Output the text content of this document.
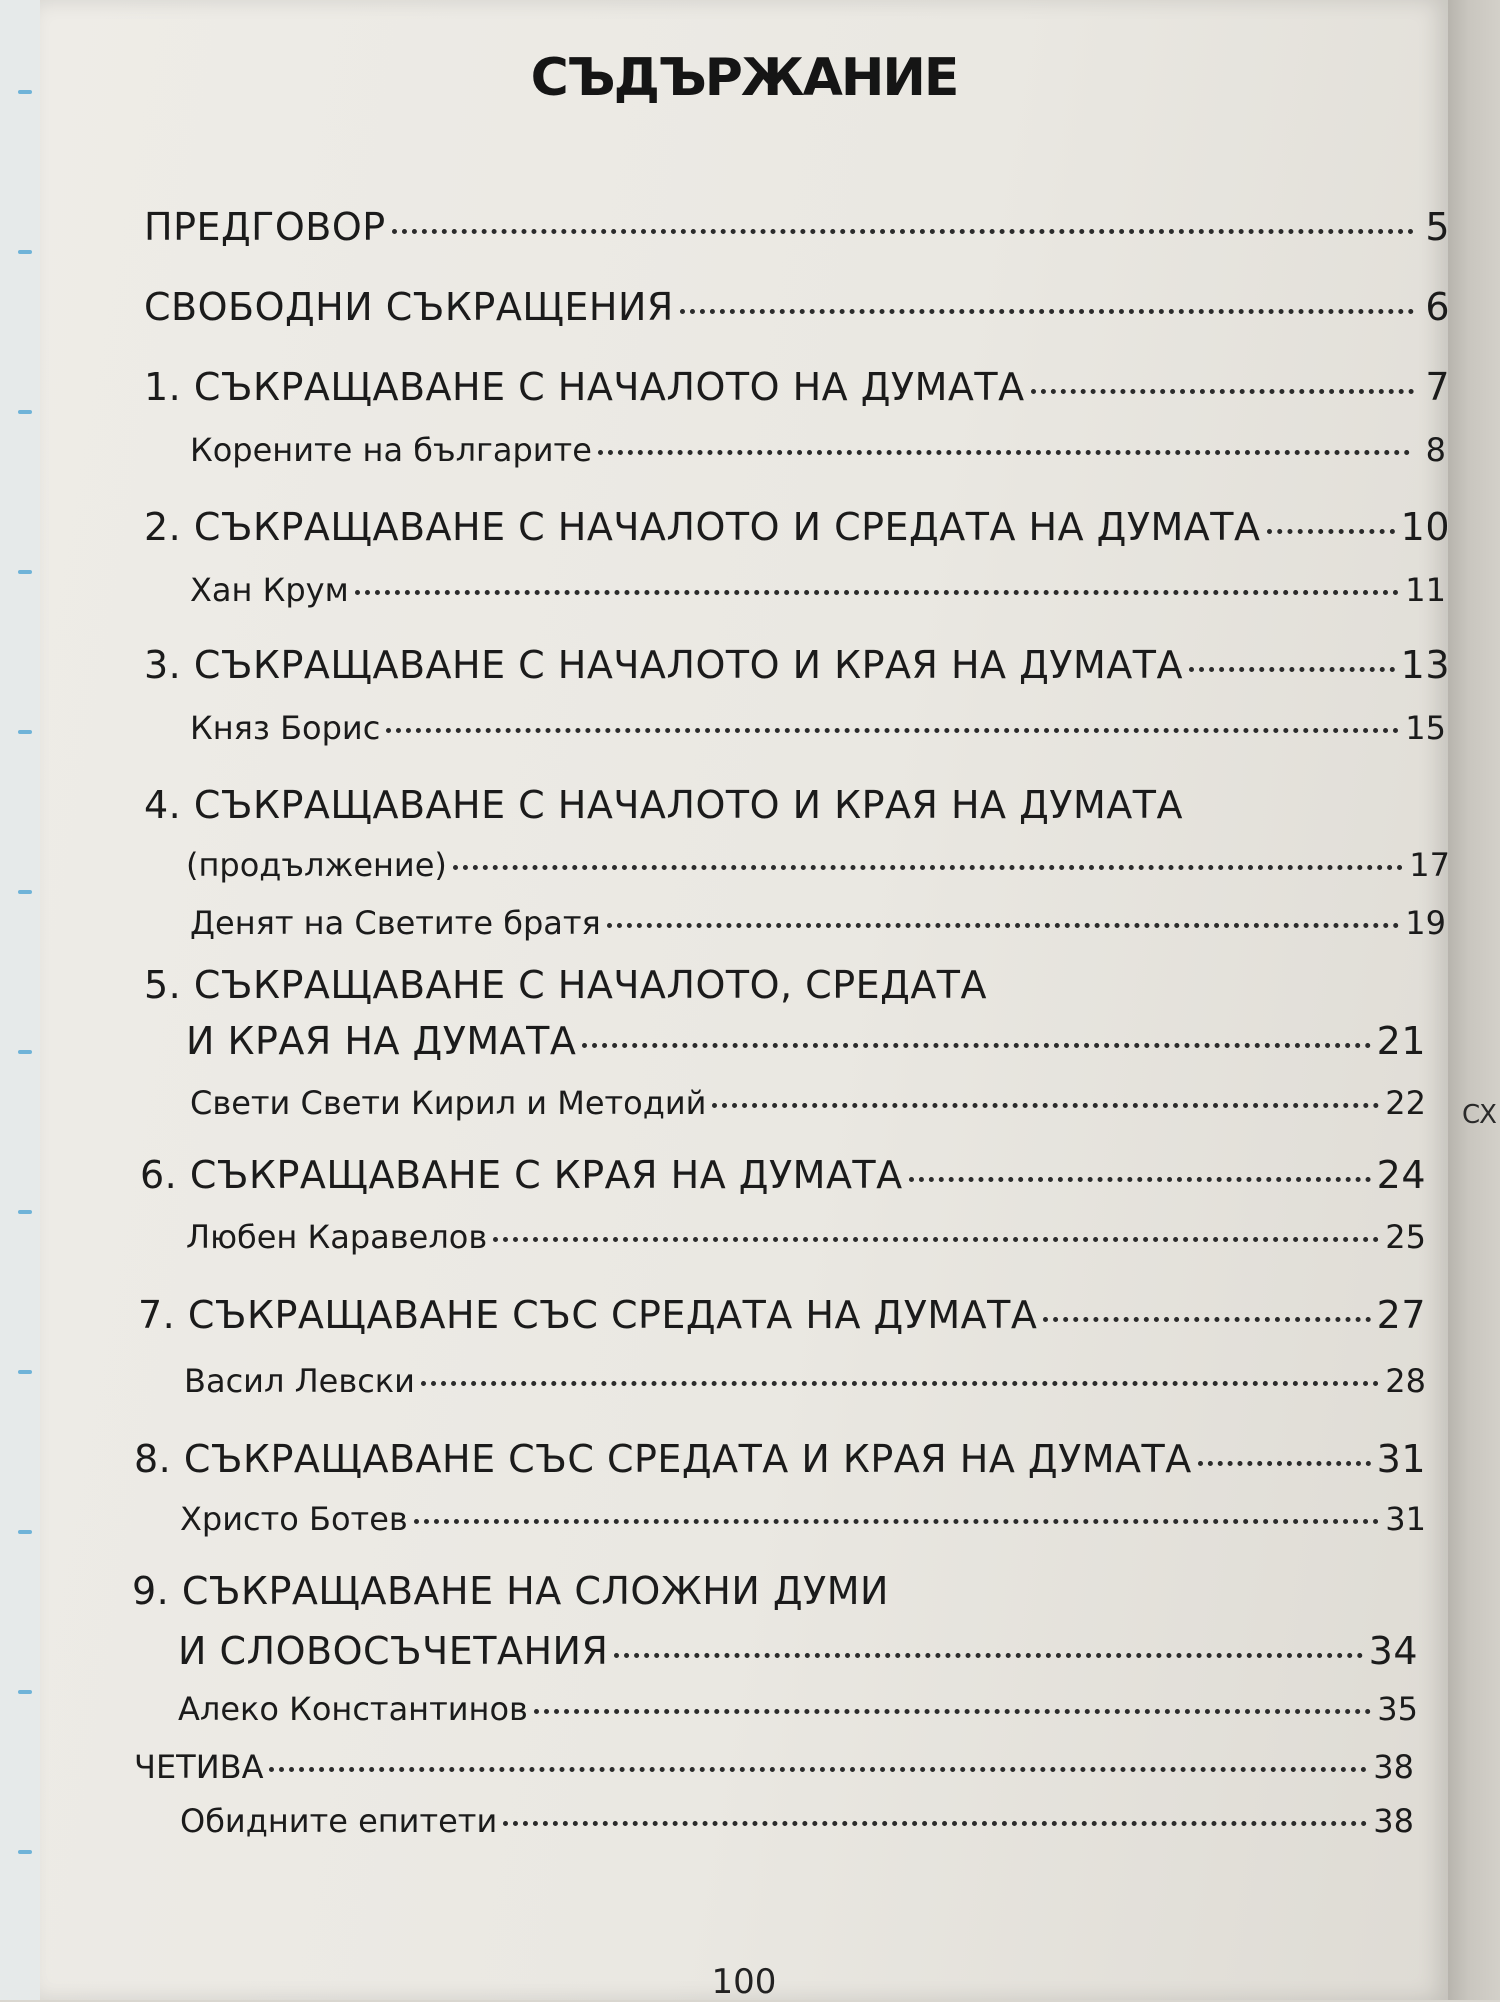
СХ
СЪДЪРЖАНИЕ
ПРЕДГОВОР	5
СВОБОДНИ СЪКРАЩЕНИЯ	6
1. СЪКРАЩАВАНЕ С НАЧАЛОТО НА ДУМАТА	7
Корените на българите	8
2. СЪКРАЩАВАНЕ С НАЧАЛОТО И СРЕДАТА НА ДУМАТА	10
Хан Крум	11
3. СЪКРАЩАВАНЕ С НАЧАЛОТО И КРАЯ НА ДУМАТА	13
Княз Борис	15
4. СЪКРАЩАВАНЕ С НАЧАЛОТО И КРАЯ НА ДУМАТА
(продължение)	17
Денят на Светите братя	19
5. СЪКРАЩАВАНЕ С НАЧАЛОТО, СРЕДАТА
И КРАЯ НА ДУМАТА	21
Свети Свети Кирил и Методий	22
6. СЪКРАЩАВАНЕ С КРАЯ НА ДУМАТА	24
Любен Каравелов	25
7. СЪКРАЩАВАНЕ СЪС СРЕДАТА НА ДУМАТА	27
Васил Левски	28
8. СЪКРАЩАВАНЕ СЪС СРЕДАТА И КРАЯ НА ДУМАТА	31
Христо Ботев	31
9. СЪКРАЩАВАНЕ НА СЛОЖНИ ДУМИ
И СЛОВОСЪЧЕТАНИЯ	34
Алеко Константинов	35
ЧЕТИВА	38
Обидните епитети	38
100
